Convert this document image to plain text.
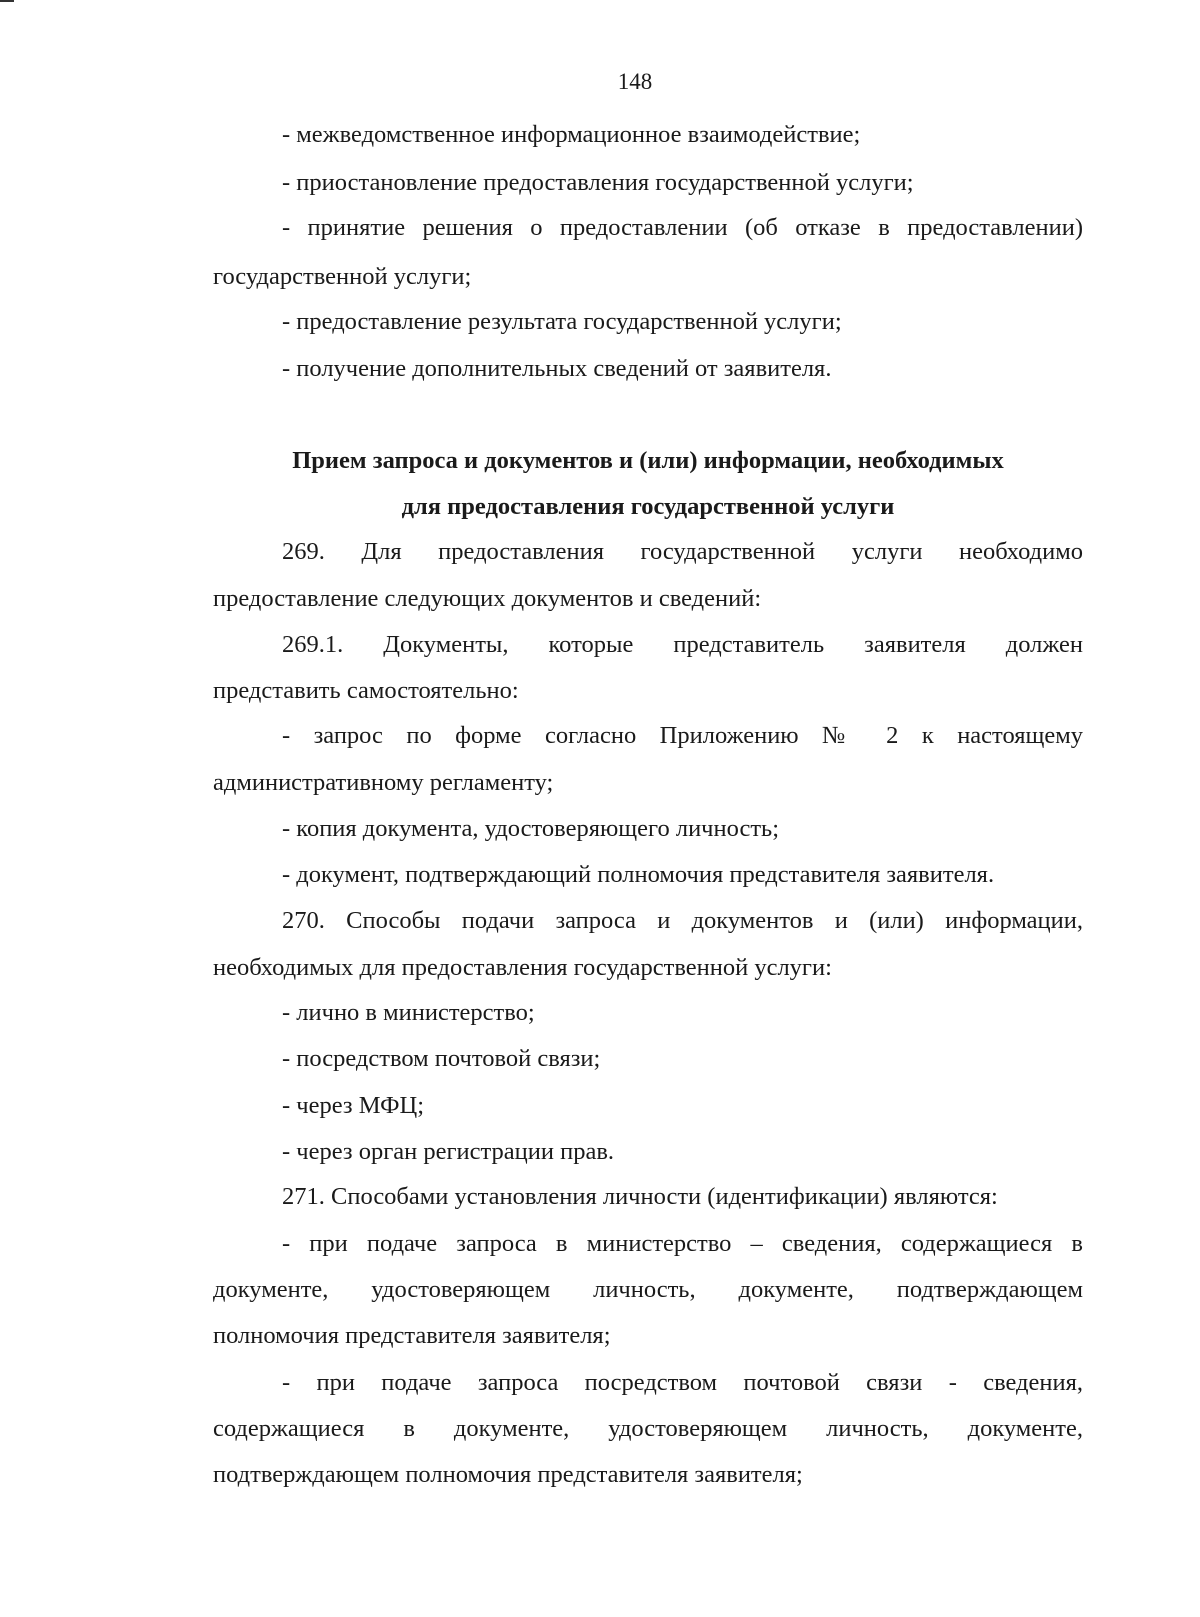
148
- межведомственное информационное взаимодействие;
- приостановление предоставления государственной услуги;
- принятие решения о предоставлении (об отказе в предоставлении)
государственной услуги;
- предоставление результата государственной услуги;
- получение дополнительных сведений от заявителя.
Прием запроса и документов и (или) информации, необходимых
для предоставления государственной услуги
269. Для предоставления государственной услуги необходимо
предоставление следующих документов и сведений:
269.1. Документы, которые представитель заявителя должен
представить самостоятельно:
- запрос по форме согласно Приложению № 2 к настоящему
административному регламенту;
- копия документа, удостоверяющего личность;
- документ, подтверждающий полномочия представителя заявителя.
270. Способы подачи запроса и документов и (или) информации,
необходимых для предоставления государственной услуги:
- лично в министерство;
- посредством почтовой связи;
- через МФЦ;
- через орган регистрации прав.
271. Способами установления личности (идентификации) являются:
- при подаче запроса в министерство – сведения, содержащиеся в
документе, удостоверяющем личность, документе, подтверждающем
полномочия представителя заявителя;
- при подаче запроса посредством почтовой связи - сведения,
содержащиеся в документе, удостоверяющем личность, документе,
подтверждающем полномочия представителя заявителя;
